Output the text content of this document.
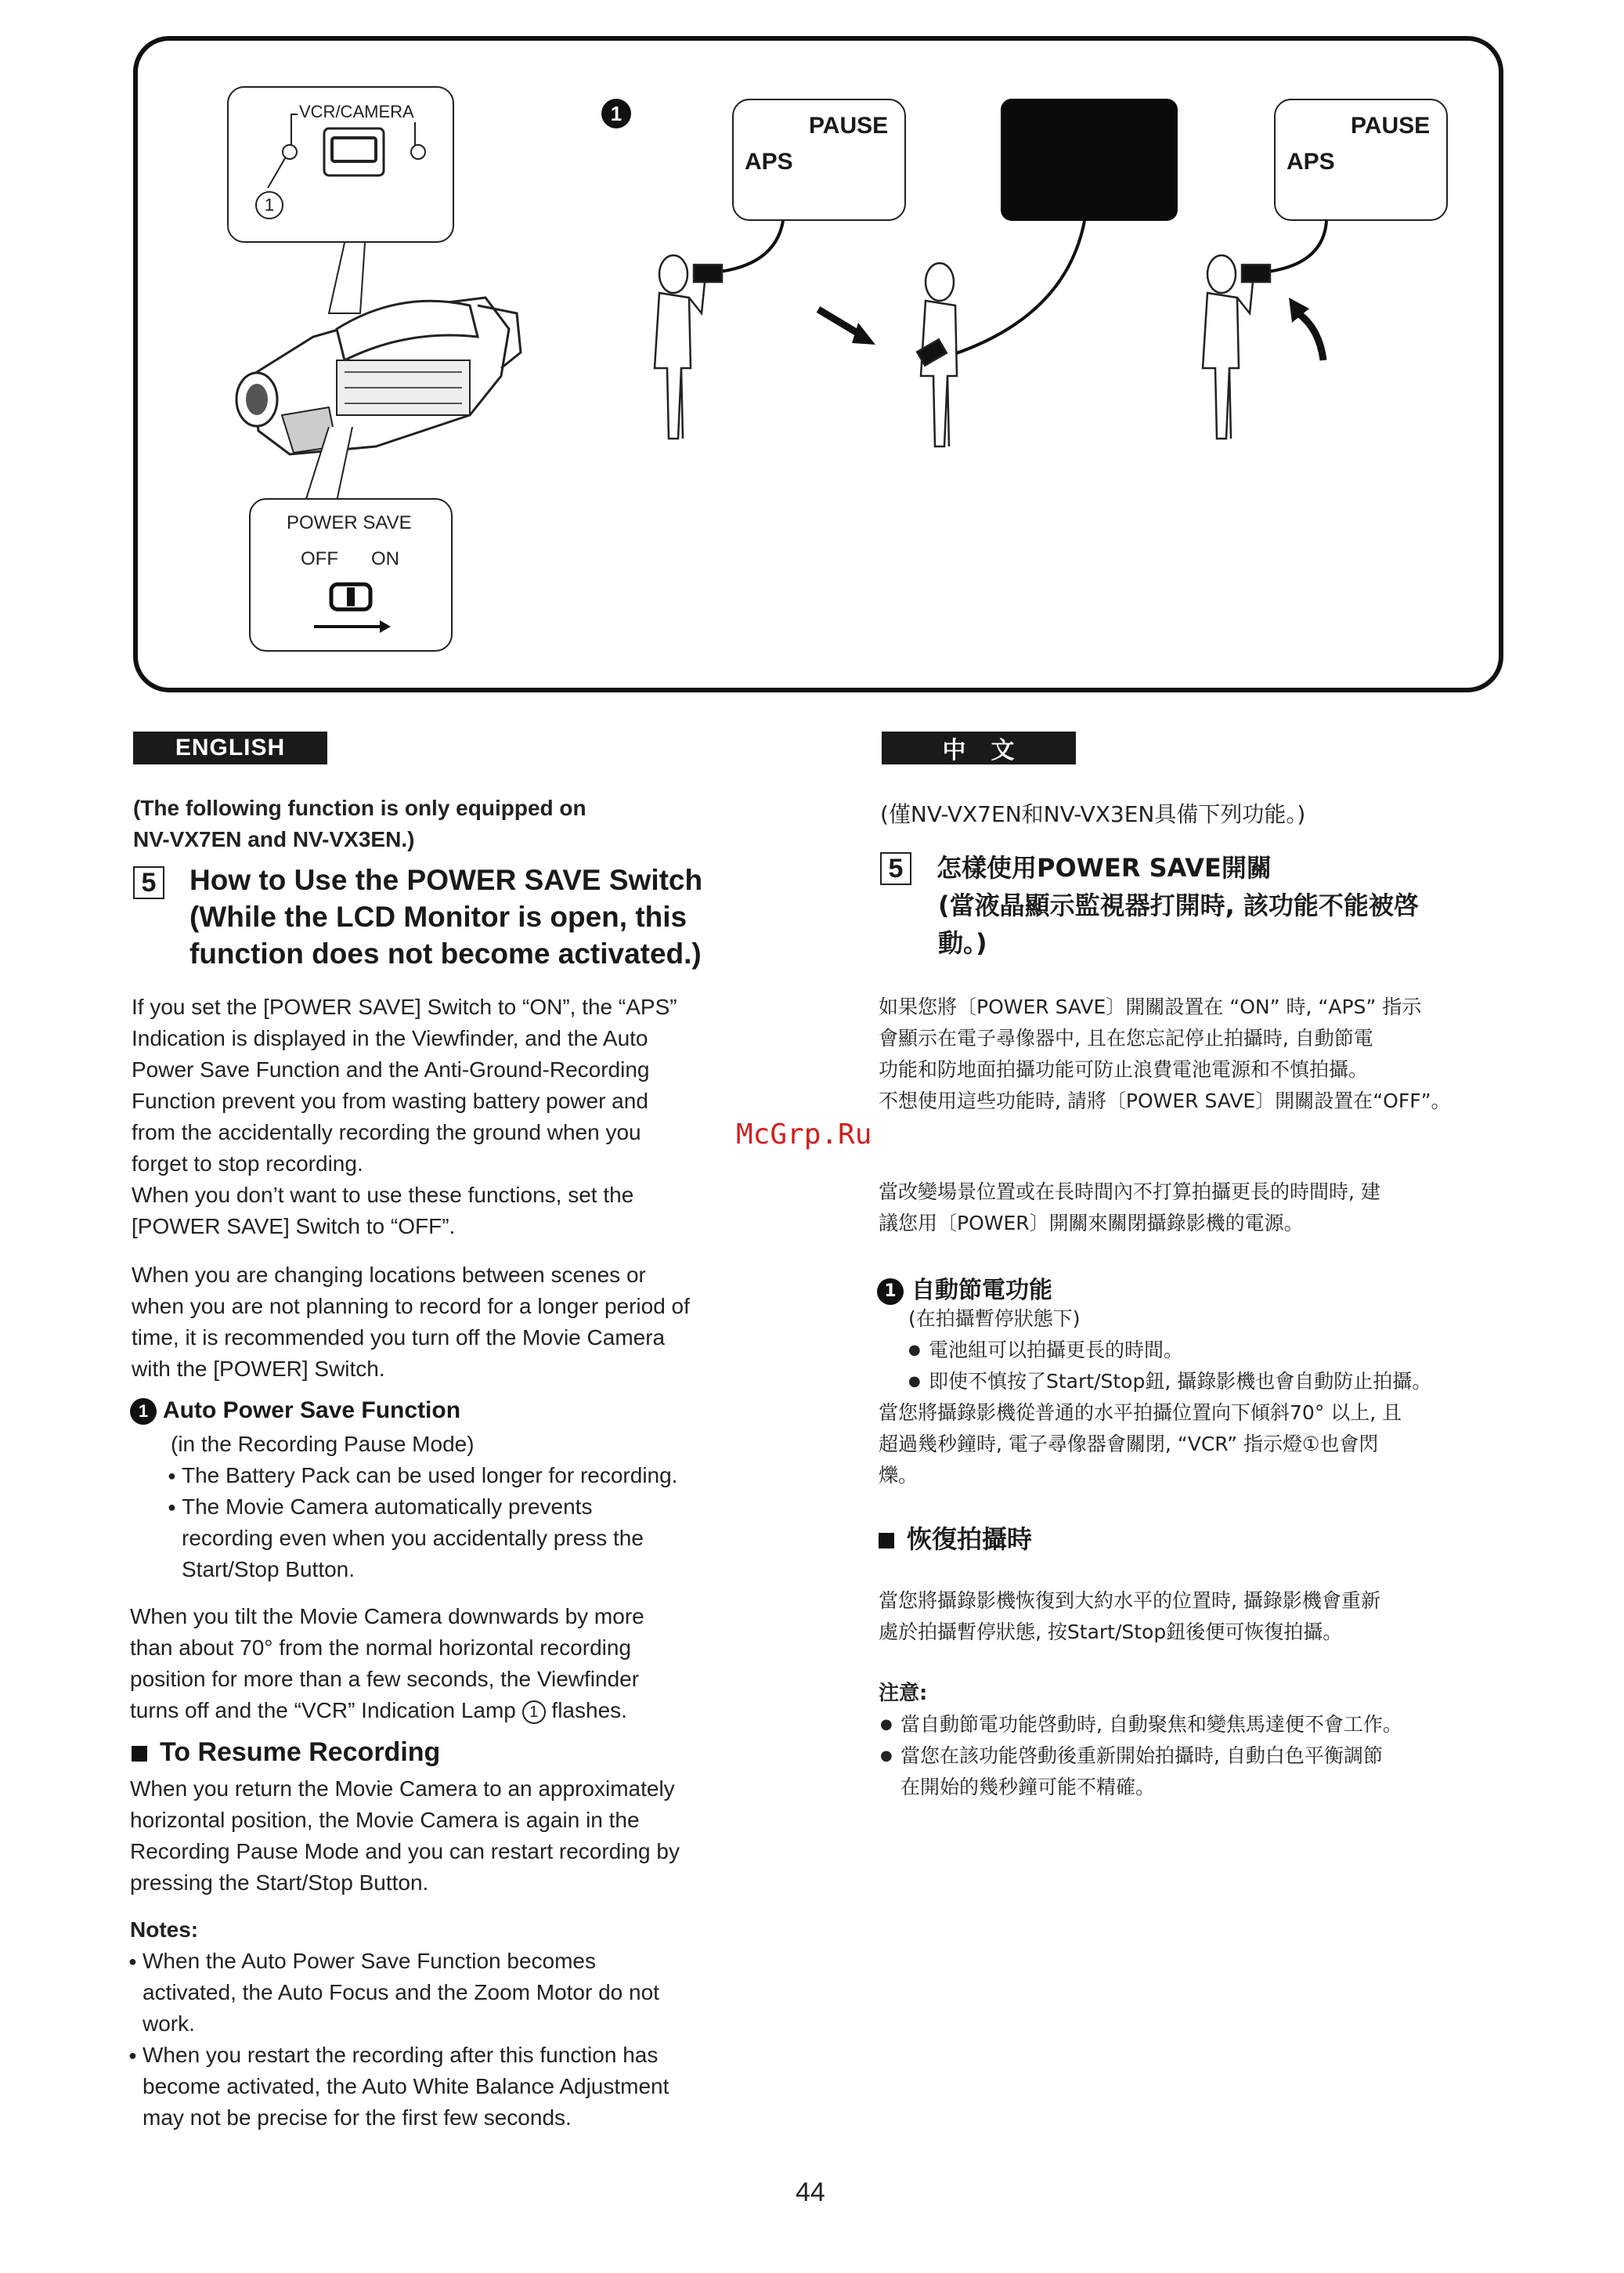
VCR/CAMERA
1
POWER SAVE
OFF ON
1	PAUSE
APS
PAUSE
APS
ENGLISH
(The following function is only equipped on
NV-VX7EN and NV-VX3EN.)
5 How to Use the POWER SAVE Switch
(While the LCD Monitor is open, this
function does not become activated.)
If you set the [POWER SAVE] Switch to “ON”, the “APS”
Indication is displayed in the Viewfinder, and the Auto
Power Save Function and the Anti-Ground-Recording
Function prevent you from wasting battery power and
from the accidentally recording the ground when you
forget to stop recording.
When you don’t want to use these functions, set the
[POWER SAVE] Switch to “OFF”.
When you are changing locations between scenes or
when you are not planning to record for a longer period of
time, it is recommended you turn off the Movie Camera
with the [POWER] Switch.
1 Auto Power Save Function
(in the Recording Pause Mode)
● The Battery Pack can be used longer for recording.
● The Movie Camera automatically prevents
recording even when you accidentally press the
Start/Stop Button.
When you tilt the Movie Camera downwards by more
than about 70° from the normal horizontal recording
position for more than a few seconds, the Viewfinder
turns off and the “VCR” Indication Lamp 1 flashes.
To Resume Recording
When you return the Movie Camera to an approximately
horizontal position, the Movie Camera is again in the
Recording Pause Mode and you can restart recording by
pressing the Start/Stop Button.
Notes:
● When the Auto Power Save Function becomes
activated, the Auto Focus and the Zoom Motor do not
work.
● When you restart the recording after this function has
become activated, the Auto White Balance Adjustment
may not be precise for the first few seconds.
中　文
(僅NV-VX7EN和NV-VX3EN具備下列功能。)
5	怎樣使用POWER SAVE開關
(當液晶顯示監視器打開時, 該功能不能被啓
動。)
如果您將〔POWER SAVE〕開關設置在 “ON” 時, “APS” 指示
會顯示在電子尋像器中, 且在您忘記停止拍攝時, 自動節電
功能和防地面拍攝功能可防止浪費電池電源和不慎拍攝。
不想使用這些功能時, 請將〔POWER SAVE〕開關設置在“OFF”。
當改變場景位置或在長時間內不打算拍攝更長的時間時, 建
議您用〔POWER〕開關來關閉攝錄影機的電源。
1 自動節電功能
(在拍攝暫停狀態下)
● 電池組可以拍攝更長的時間。
● 即使不慎按了Start/Stop鈕, 攝錄影機也會自動防止拍攝。
當您將攝錄影機從普通的水平拍攝位置向下傾斜70° 以上, 且
超過幾秒鐘時, 電子尋像器會關閉, “VCR” 指示燈①也會閃
爍。
恢復拍攝時
當您將攝錄影機恢復到大約水平的位置時, 攝錄影機會重新
處於拍攝暫停狀態, 按Start/Stop鈕後便可恢復拍攝。
注意:
● 當自動節電功能啓動時, 自動聚焦和變焦馬達便不會工作。
● 當您在該功能啓動後重新開始拍攝時, 自動白色平衡調節
在開始的幾秒鐘可能不精確。
McGrp.Ru
44
